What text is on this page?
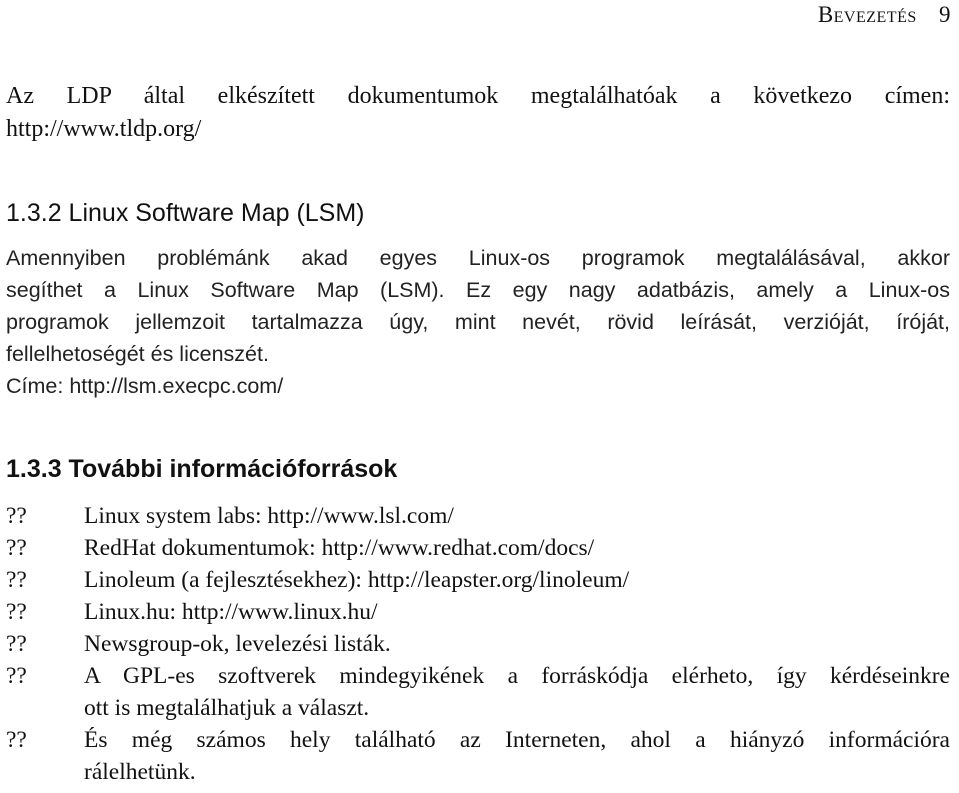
Bevezetés 9
Az LDP által elkészített dokumentumok megtalálhatóak a következo címen:
http://www.tldp.org/
1.3.2 Linux Software Map (LSM)
Amennyiben problémánk akad egyes Linux-os programok megtalálásával, akkor
segíthet a Linux Software Map (LSM). Ez egy nagy adatbázis, amely a Linux-os
programok jellemzoit tartalmazza úgy, mint nevét, rövid leírását, verzióját, íróját,
fellelhetoségét és licenszét.
Címe: http://lsm.execpc.com/
1.3.3 További információforrások
??	Linux system labs: http://www.lsl.com/
??	RedHat dokumentumok: http://www.redhat.com/docs/
??	Linoleum (a fejlesztésekhez): http://leapster.org/linoleum/
??	Linux.hu: http://www.linux.hu/
??	Newsgroup-ok, levelezési listák.
??	A GPL-es szoftverek mindegyikének a forráskódja elérheto, így kérdéseinkre
ott is megtalálhatjuk a választ.
??	És még számos hely található az Interneten, ahol a hiányzó információra
rálelhetünk.
